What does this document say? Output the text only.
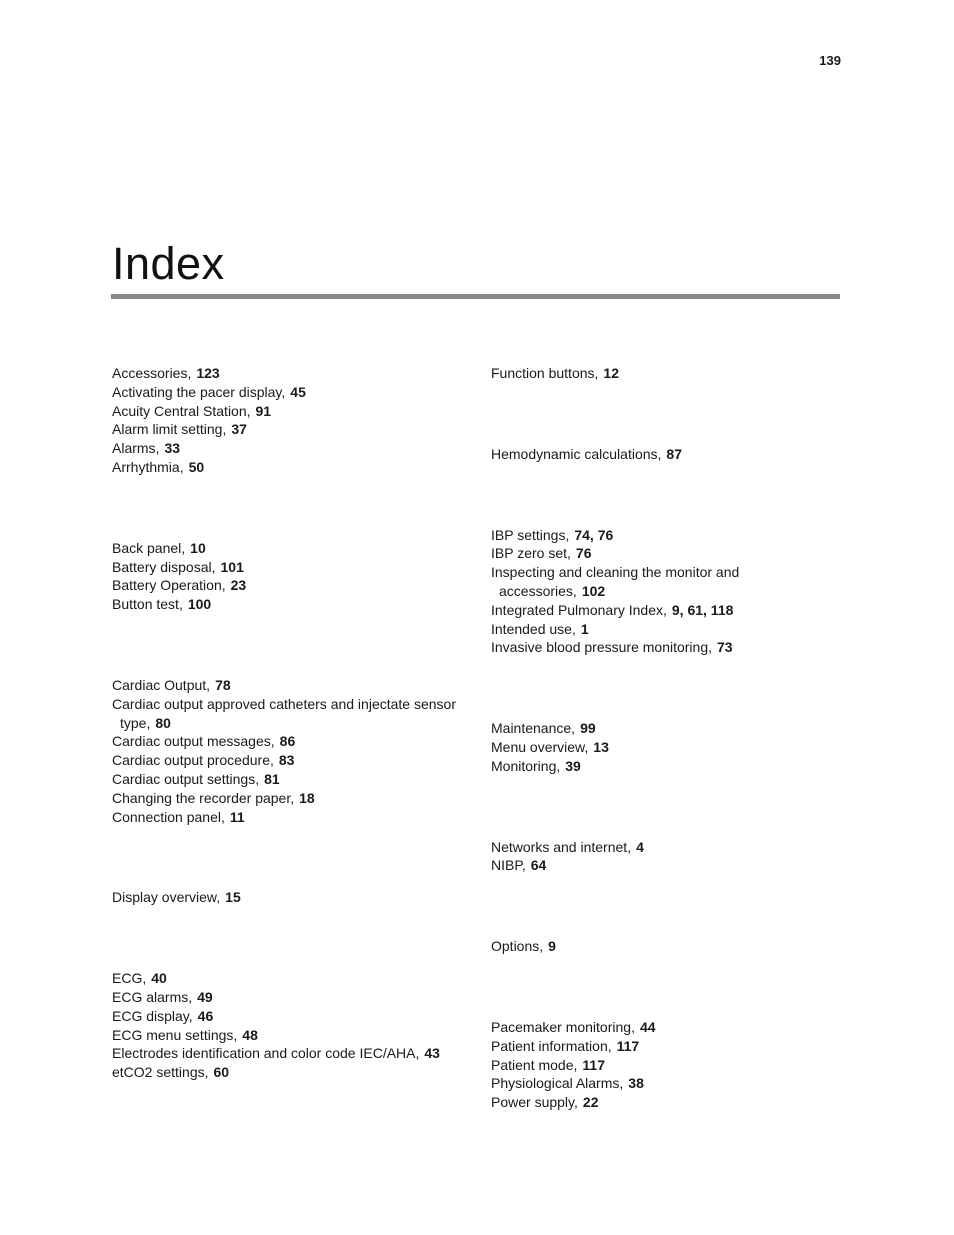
139
Index

Accessories, 123

Activating the pacer display, 45

Acuity Central Station, 91

Alarm limit setting, 37

Alarms, 33

Arrhythmia, 50

Back panel, 10

Battery disposal, 101

Battery Operation, 23

Button test, 100

Cardiac Output, 78

Cardiac output approved catheters and injectate sensor type, 80

Cardiac output messages, 86

Cardiac output procedure, 83

Cardiac output settings, 81

Changing the recorder paper, 18

Connection panel, 11

Display overview, 15

ECG, 40

ECG alarms, 49

ECG display, 46

ECG menu settings, 48

Electrodes identification and color code IEC/AHA, 43

etCO2 settings, 60

Function buttons, 12

Hemodynamic calculations, 87

IBP settings, 74, 76

IBP zero set, 76

Inspecting and cleaning the monitor and accessories, 102

Integrated Pulmonary Index, 9, 61, 118

Intended use, 1

Invasive blood pressure monitoring, 73

Maintenance, 99

Menu overview, 13

Monitoring, 39

Networks and internet, 4

NIBP, 64

Options, 9

Pacemaker monitoring, 44

Patient information, 117

Patient mode, 117

Physiological Alarms, 38

Power supply, 22
